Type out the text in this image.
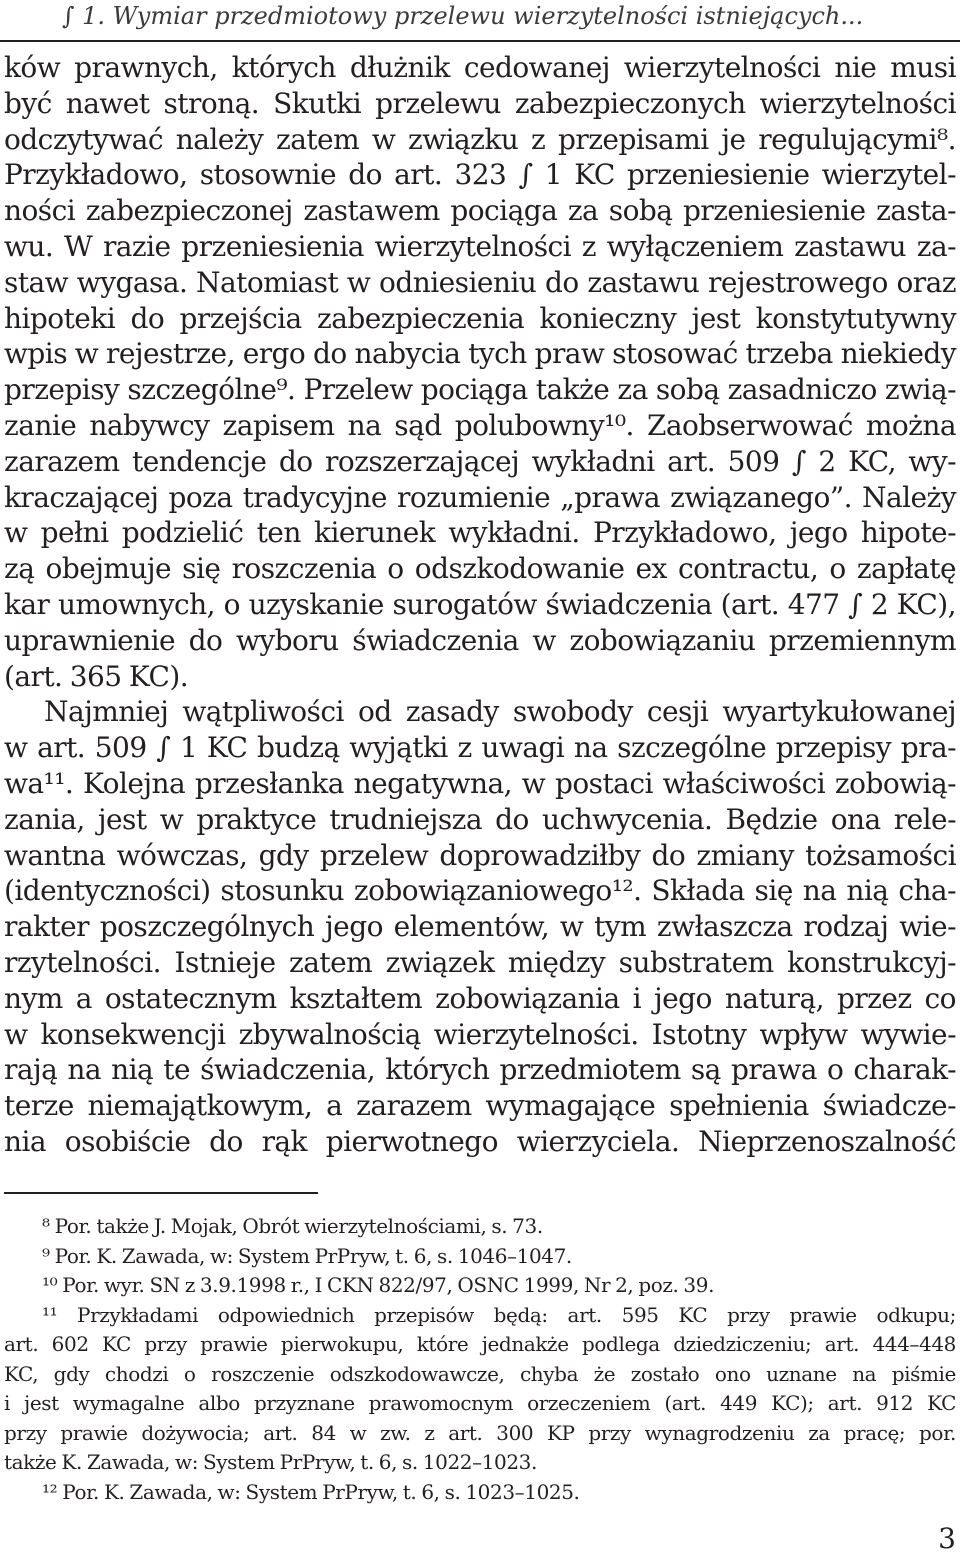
∫ 1. Wymiar przedmiotowy przelewu wierzytelności istniejących...
ków prawnych, których dłużnik cedowanej wierzytelności nie musi
być nawet stroną. Skutki przelewu zabezpieczonych wierzytelności
odczytywać należy zatem w związku z przepisami je regulującymi⁸.
Przykładowo, stosownie do art. 323 ∫ 1 KC przeniesienie wierzytel-
ności zabezpieczonej zastawem pociąga za sobą przeniesienie zasta-
wu. W razie przeniesienia wierzytelności z wyłączeniem zastawu za-
staw wygasa. Natomiast w odniesieniu do zastawu rejestrowego oraz
hipoteki do przejścia zabezpieczenia konieczny jest konstytutywny
wpis w rejestrze, ergo do nabycia tych praw stosować trzeba niekiedy
przepisy szczególne⁹. Przelew pociąga także za sobą zasadniczo zwią-
zanie nabywcy zapisem na sąd polubowny¹⁰. Zaobserwować można
zarazem tendencje do rozszerzającej wykładni art. 509 ∫ 2 KC, wy-
kraczającej poza tradycyjne rozumienie „prawa związanego”. Należy
w pełni podzielić ten kierunek wykładni. Przykładowo, jego hipote-
zą obejmuje się roszczenia o odszkodowanie ex contractu, o zapłatę
kar umownych, o uzyskanie surogatów świadczenia (art. 477 ∫ 2 KC),
uprawnienie do wyboru świadczenia w zobowiązaniu przemiennym
(art. 365 KC).
Najmniej wątpliwości od zasady swobody cesji wyartykułowanej
w art. 509 ∫ 1 KC budzą wyjątki z uwagi na szczególne przepisy pra-
wa¹¹. Kolejna przesłanka negatywna, w postaci właściwości zobowią-
zania, jest w praktyce trudniejsza do uchwycenia. Będzie ona rele-
wantna wówczas, gdy przelew doprowadziłby do zmiany tożsamości
(identyczności) stosunku zobowiązaniowego¹². Składa się na nią cha-
rakter poszczególnych jego elementów, w tym zwłaszcza rodzaj wie-
rzytelności. Istnieje zatem związek między substratem konstrukcyj-
nym a ostatecznym kształtem zobowiązania i jego naturą, przez co
w konsekwencji zbywalnością wierzytelności. Istotny wpływ wywie-
rają na nią te świadczenia, których przedmiotem są prawa o charak-
terze niemajątkowym, a zarazem wymagające spełnienia świadcze-
nia osobiście do rąk pierwotnego wierzyciela. Nieprzenoszalność
⁸ Por. także J. Mojak, Obrót wierzytelnościami, s. 73.
⁹ Por. K. Zawada, w: System PrPryw, t. 6, s. 1046–1047.
¹⁰ Por. wyr. SN z 3.9.1998 r., I CKN 822/97, OSNC 1999, Nr 2, poz. 39.
¹¹ Przykładami odpowiednich przepisów będą: art. 595 KC przy prawie odkupu;
art. 602 KC przy prawie pierwokupu, które jednakże podlega dziedziczeniu; art. 444–448
KC, gdy chodzi o roszczenie odszkodowawcze, chyba że zostało ono uznane na piśmie
i jest wymagalne albo przyznane prawomocnym orzeczeniem (art. 449 KC); art. 912 KC
przy prawie dożywocia; art. 84 w zw. z art. 300 KP przy wynagrodzeniu za pracę; por.
także K. Zawada, w: System PrPryw, t. 6, s. 1022–1023.
¹² Por. K. Zawada, w: System PrPryw, t. 6, s. 1023–1025.
3
